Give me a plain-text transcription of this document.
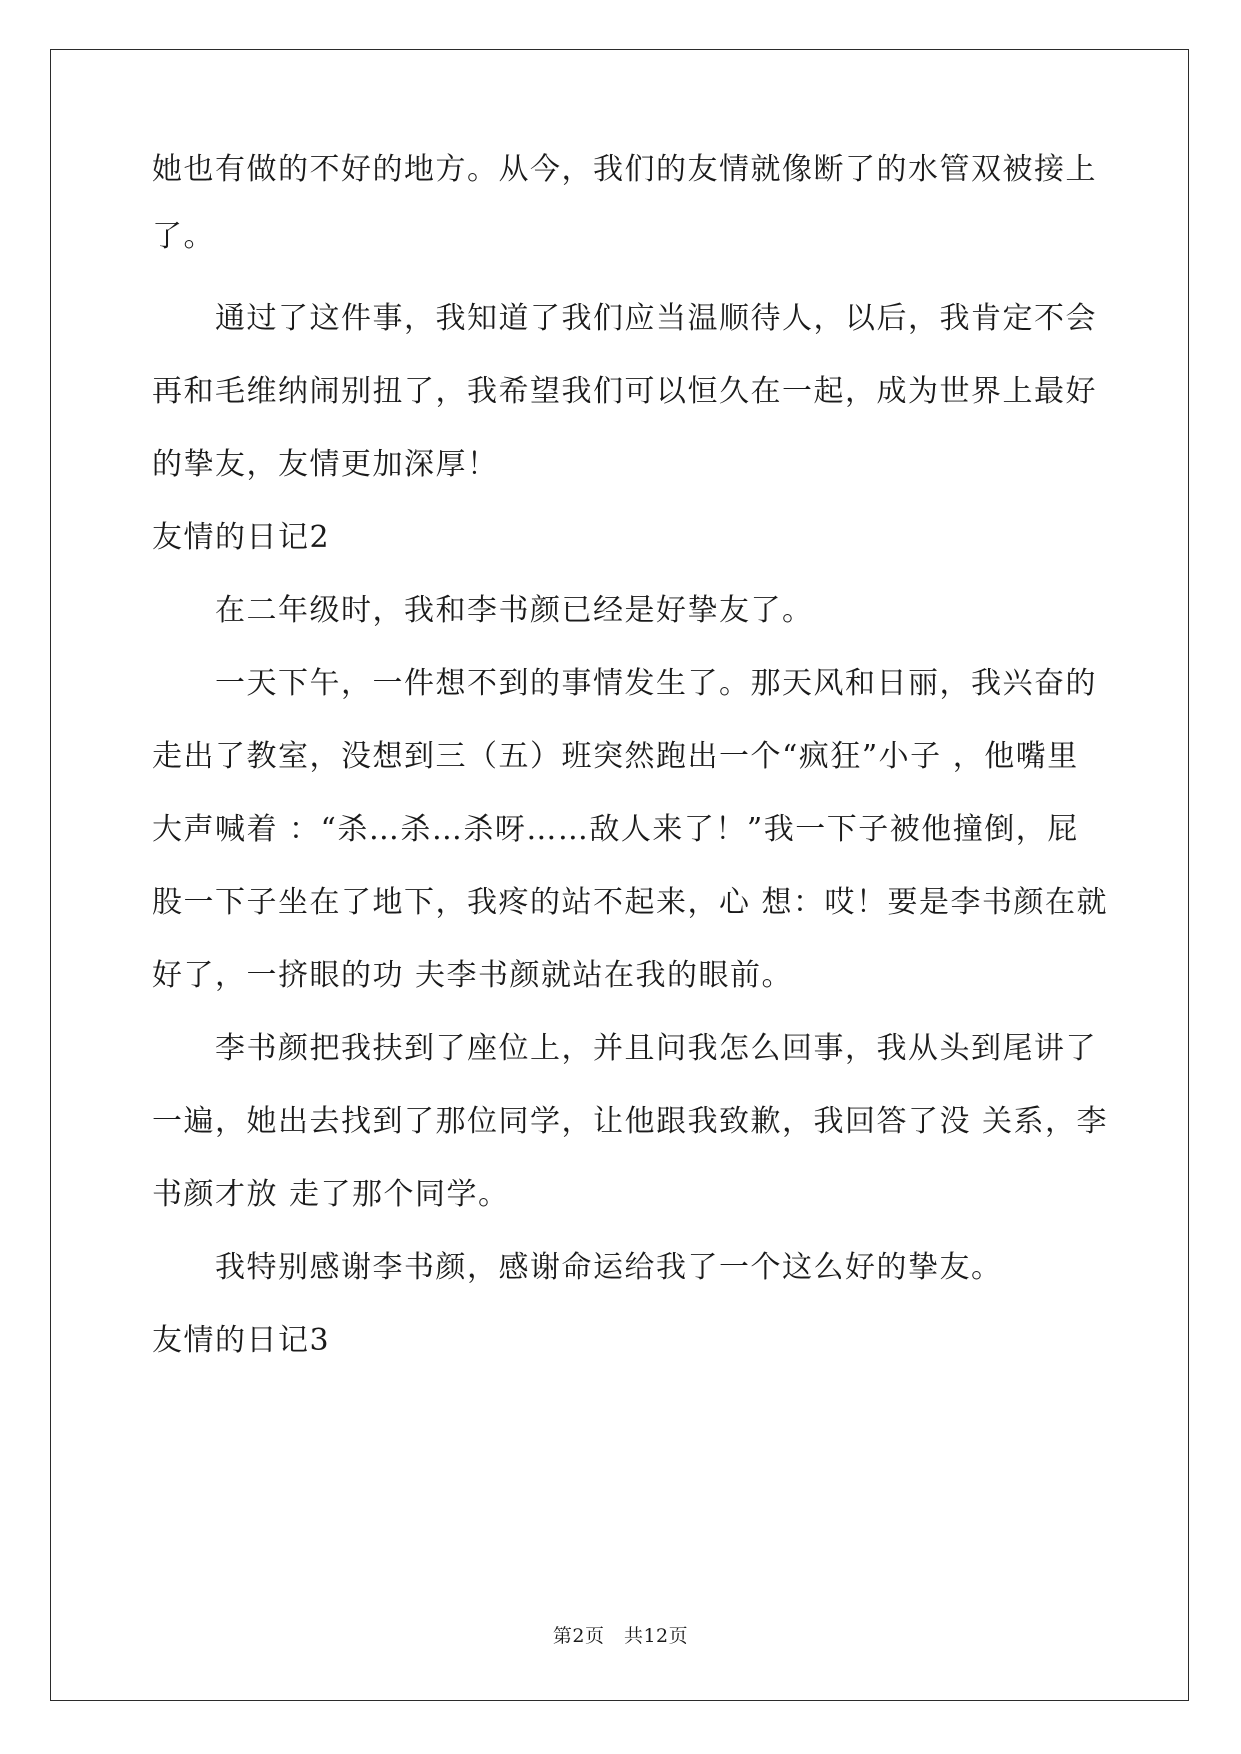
她也有做的不好的地方。从今，我们的友情就像断了的水管双被接上
了。
通过了这件事，我知道了我们应当温顺待人，以后，我肯定不会
再和毛维纳闹别扭了，我希望我们可以恒久在一起，成为世界上最好
的挚友，友情更加深厚！
友情的日记2
在二年级时，我和李书颜已经是好挚友了。
一天下午，一件想不到的事情发生了。那天风和日丽，我兴奋的
走出了教室，没想到三（五）班突然跑出一个“疯狂”小子 ，他嘴里
大声喊着 ：“杀…杀…杀呀……敌人来了！”我一下子被他撞倒，屁
股一下子坐在了地下，我疼的站不起来，心 想：哎！要是李书颜在就
好了，一挤眼的功 夫李书颜就站在我的眼前。
李书颜把我扶到了座位上，并且问我怎么回事，我从头到尾讲了
一遍，她出去找到了那位同学，让他跟我致歉，我回答了没 关系，李
书颜才放 走了那个同学。
我特别感谢李书颜，感谢命运给我了一个这么好的挚友。
友情的日记3
第2页　共12页
